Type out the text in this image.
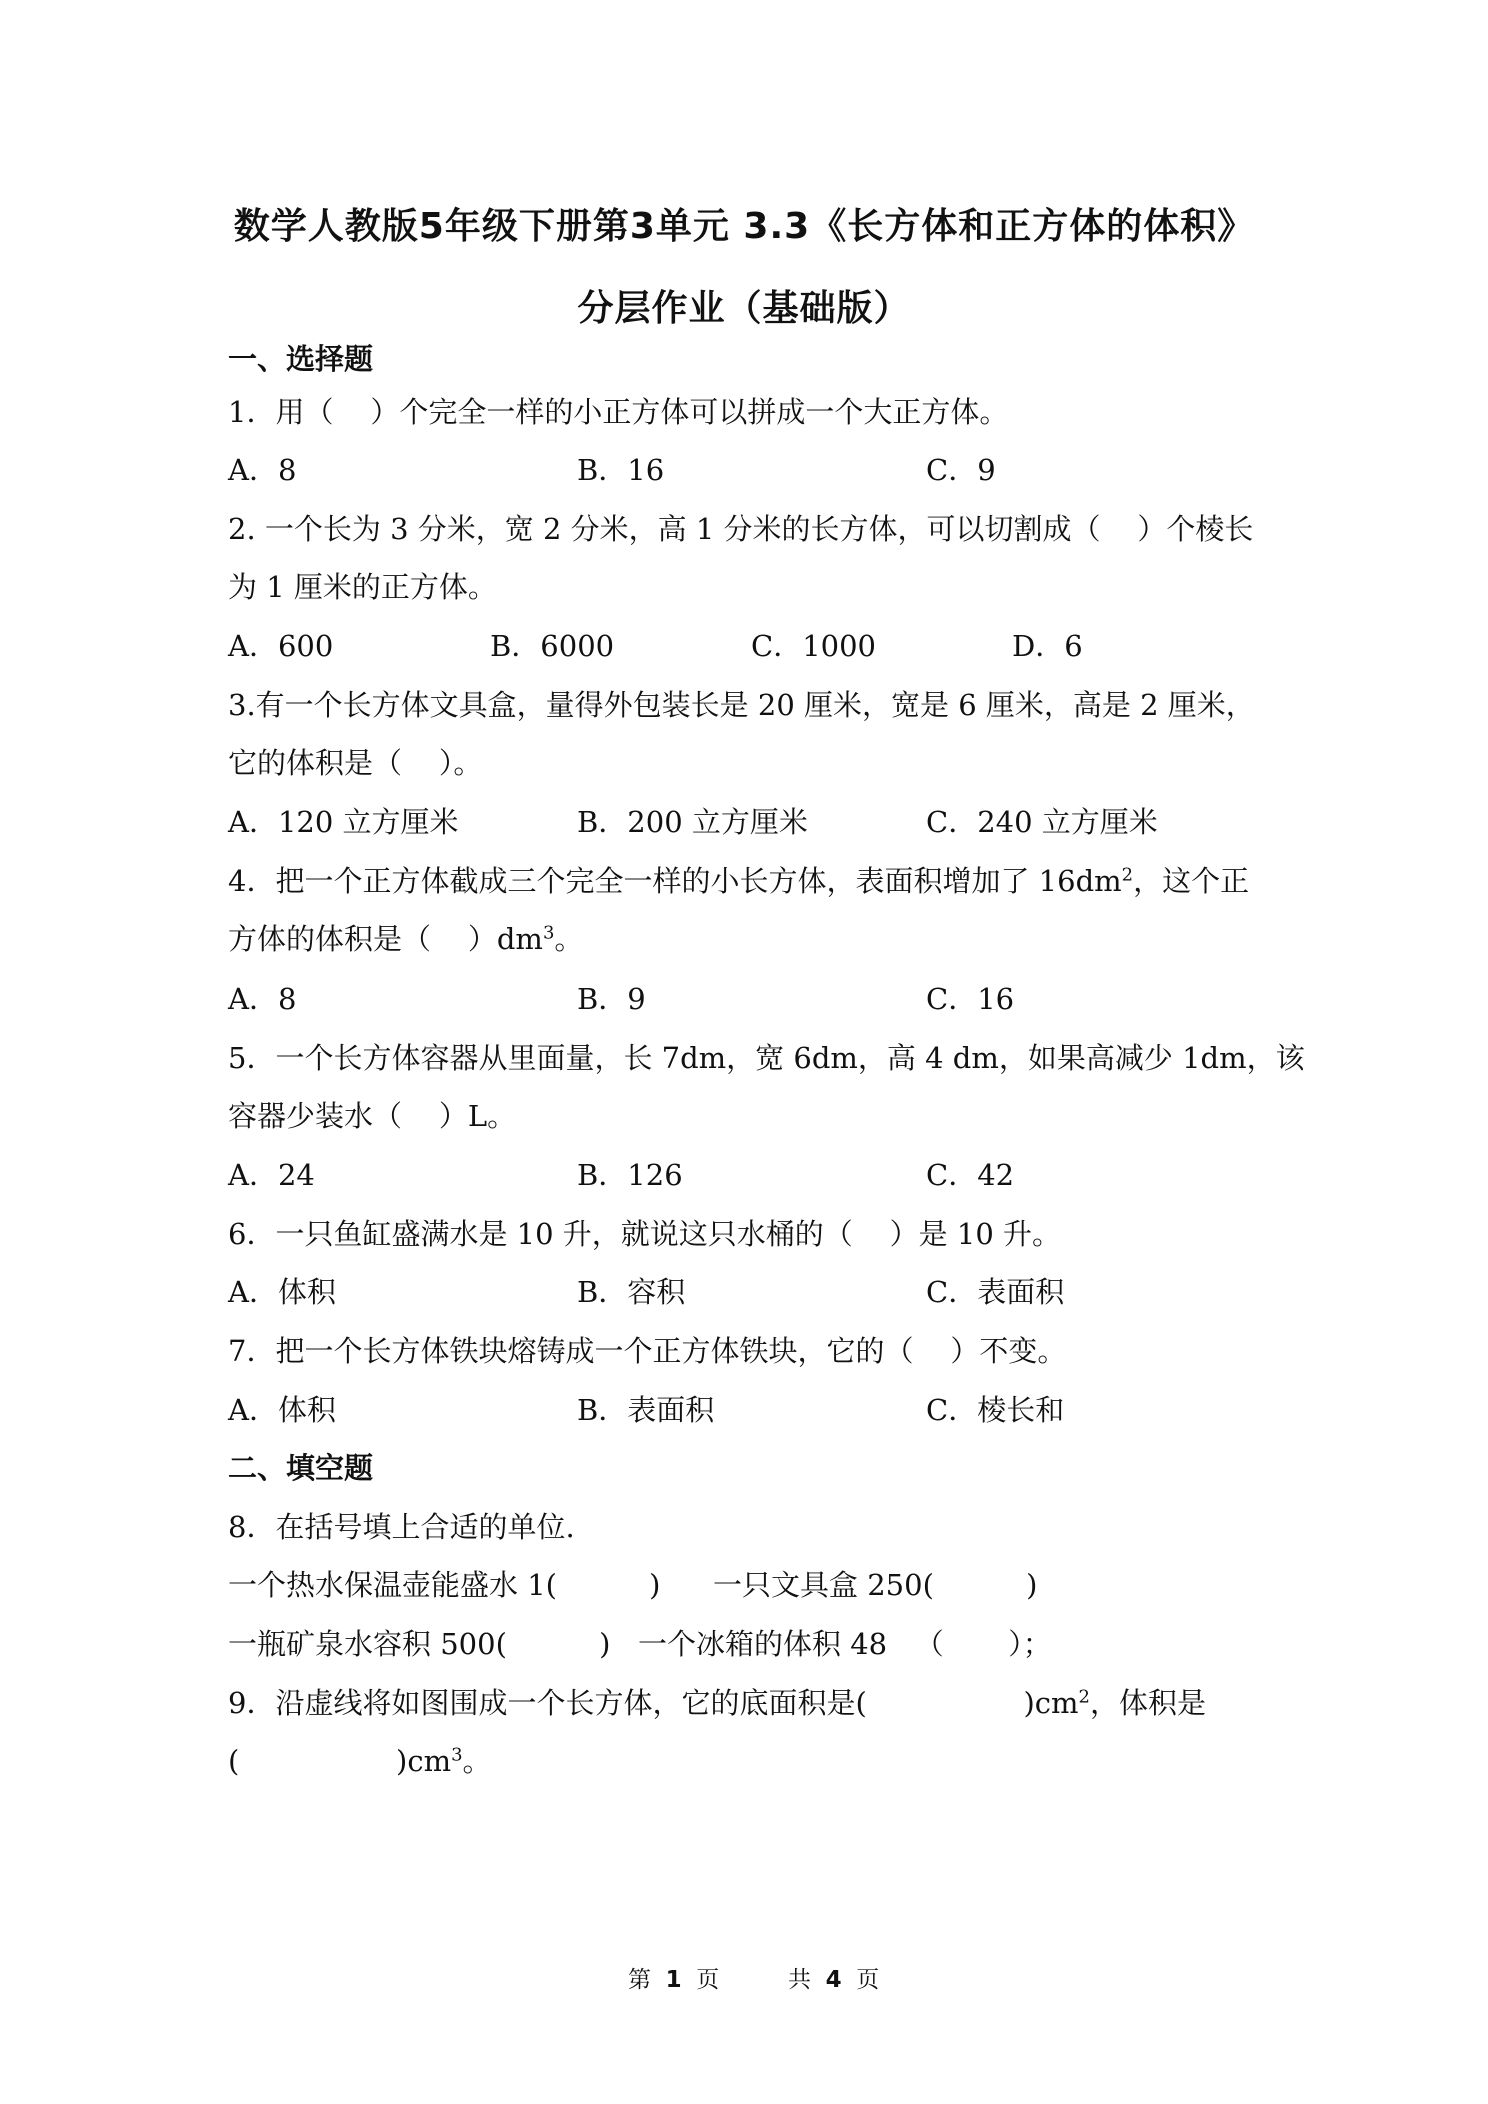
数学人教版5年级下册第3单元 3.3《长方体和正方体的体积》
分层作业（基础版）
一、选择题
1．用（    ）个完全一样的小正方体可以拼成一个大正方体。
A．8	B．16	C．9
2. 一个长为 3 分米，宽 2 分米，高 1 分米的长方体，可以切割成（    ）个棱长
为 1 厘米的正方体。
A．600	B．6000	C．1000	D．6
3.有一个长方体文具盒，量得外包装长是 20 厘米，宽是 6 厘米，高是 2 厘米，
它的体积是（    ）。
A．120 立方厘米	B．200 立方厘米	C．240 立方厘米
4．把一个正方体截成三个完全一样的小长方体，表面积增加了 $16dm^2$，这个正
方体的体积是（    ）$dm^3$。
A．8	B．9	C．16
5．一个长方体容器从里面量，长 7dm，宽 6dm，高 4 dm，如果高减少 1dm，该
容器少装水（    ）L。
A．24	B．126	C．42
6．一只鱼缸盛满水是 10 升，就说这只水桶的（    ）是 10 升。
A．体积	B．容积	C．表面积
7．把一个长方体铁块熔铸成一个正方体铁块，它的（    ）不变。
A．体积	B．表面积	C．棱长和
二、填空题
8．在括号填上合适的单位.
一个热水保温壶能盛水 1(          ) 一只文具盒 250(          )
一瓶矿泉水容积 500(          ) 一个冰箱的体积 48   （       ）；
9．沿虚线将如图围成一个长方体，它的底面积是(                 )$cm^2$，体积是
(                 )$cm^3$。
第 1 页	共 4 页
